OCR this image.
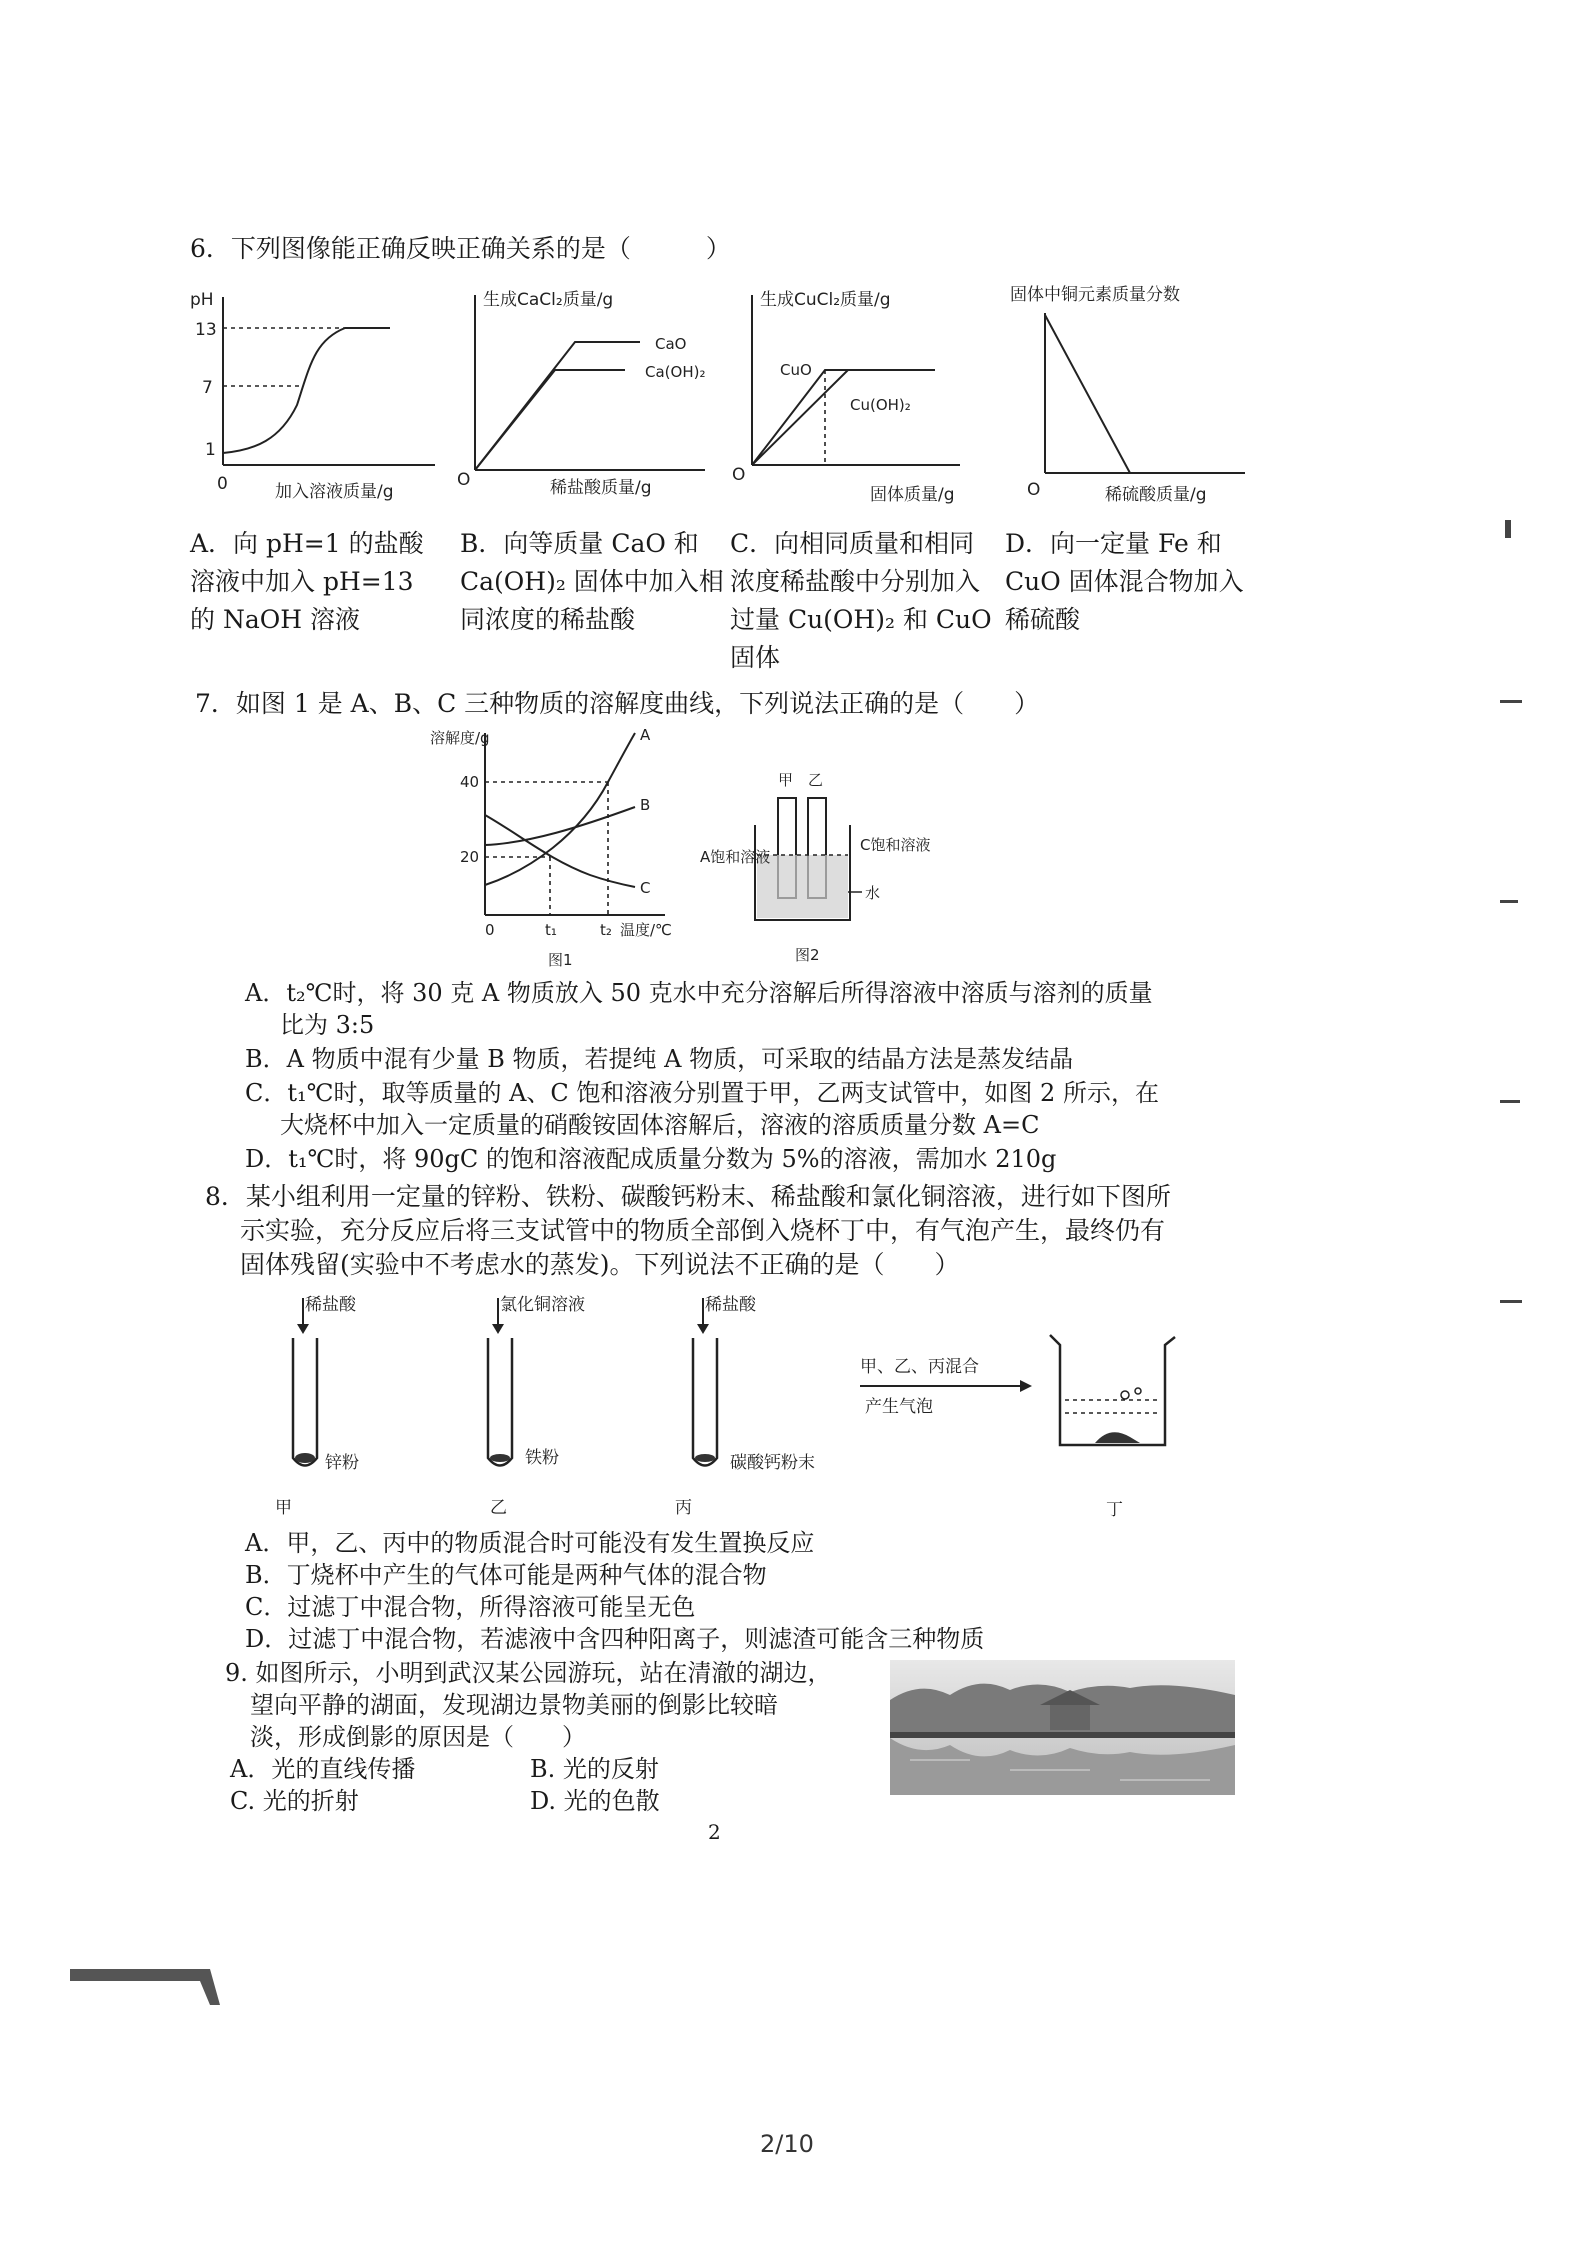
6．下列图像能正确反映正确关系的是（　　　）
pH
13
7
1
0	加入溶液质量/g
生成CaCl₂质量/g
O
CaO
Ca(OH)₂
稀盐酸质量/g
生成CuCl₂质量/g
O
CuO
Cu(OH)₂
固体质量/g
固体中铜元素质量分数
O	稀硫酸质量/g
A．向 pH=1 的盐酸溶液中加入 pH=13 的 NaOH 溶液
B．向等质量 CaO 和 Ca(OH)₂ 固体中加入相同浓度的稀盐酸
C．向相同质量和相同浓度稀盐酸中分别加入过量 Cu(OH)₂ 和 CuO 固体
D．向一定量 Fe 和 CuO 固体混合物加入稀硫酸
7．如图 1 是 A、B、C 三种物质的溶解度曲线，下列说法正确的是（　　）
溶解度/g
40
20
A
B
C
0	t₁	t₂ 温度/℃
图1
甲 乙
A饱和溶液
C饱和溶液
水
图2
A．t₂℃时，将 30 克 A 物质放入 50 克水中充分溶解后所得溶液中溶质与溶剂的质量
比为 3:5
B．A 物质中混有少量 B 物质，若提纯 A 物质，可采取的结晶方法是蒸发结晶
C．t₁℃时，取等质量的 A、C 饱和溶液分别置于甲，乙两支试管中，如图 2 所示，在
大烧杯中加入一定质量的硝酸铵固体溶解后，溶液的溶质质量分数 A=C
D．t₁℃时，将 90gC 的饱和溶液配成质量分数为 5%的溶液，需加水 210g
8．某小组利用一定量的锌粉、铁粉、碳酸钙粉末、稀盐酸和氯化铜溶液，进行如下图所
示实验，充分反应后将三支试管中的物质全部倒入烧杯丁中，有气泡产生，最终仍有
固体残留(实验中不考虑水的蒸发)。下列说法不正确的是（　　）
稀盐酸
锌粉
甲
氯化铜溶液
铁粉
乙
稀盐酸
碳酸钙粉末
丙
甲、乙、丙混合
产生气泡
丁
A．甲，乙、丙中的物质混合时可能没有发生置换反应
B．丁烧杯中产生的气体可能是两种气体的混合物
C．过滤丁中混合物，所得溶液可能呈无色
D．过滤丁中混合物，若滤液中含四种阳离子，则滤渣可能含三种物质
9. 如图所示，小明到武汉某公园游玩，站在清澈的湖边，
望向平静的湖面，发现湖边景物美丽的倒影比较暗
淡，形成倒影的原因是（　　）
A．光的直线传播	B. 光的反射
C. 光的折射	D. 光的色散
2
2/10
